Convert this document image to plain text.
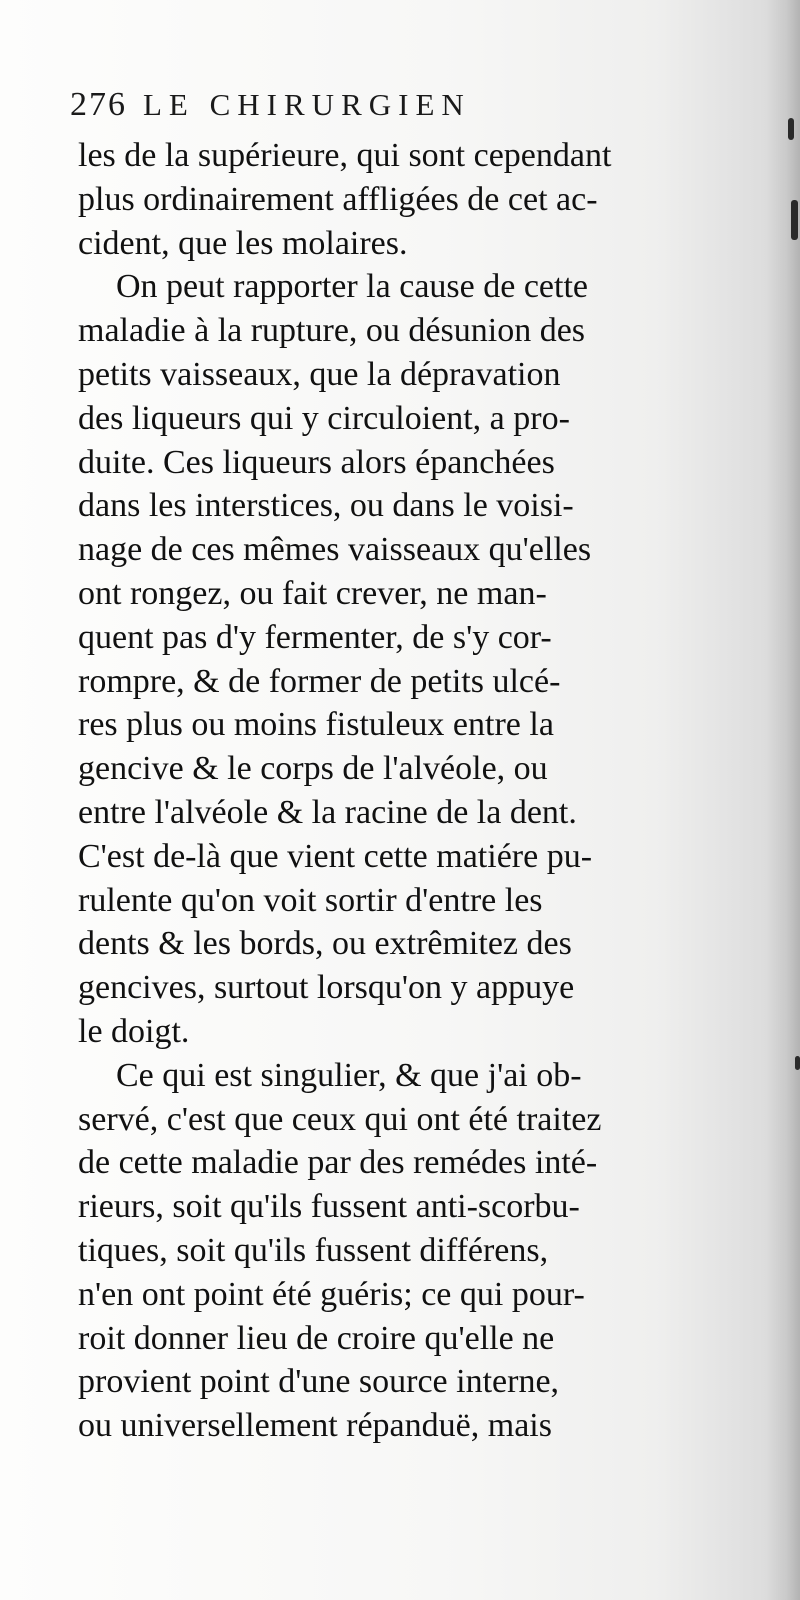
276 LE CHIRURGIEN
les de la supérieure, qui sont cependant
plus ordinairement affligées de cet ac-
cident, que les molaires.
On peut rapporter la cause de cette
maladie à la rupture, ou désunion des
petits vaisseaux, que la dépravation
des liqueurs qui y circuloient, a pro-
duite. Ces liqueurs alors épanchées
dans les interstices, ou dans le voisi-
nage de ces mêmes vaisseaux qu'elles
ont rongez, ou fait crever, ne man-
quent pas d'y fermenter, de s'y cor-
rompre, & de former de petits ulcé-
res plus ou moins fistuleux entre la
gencive & le corps de l'alvéole, ou
entre l'alvéole & la racine de la dent.
C'est de-là que vient cette matiére pu-
rulente qu'on voit sortir d'entre les
dents & les bords, ou extrêmitez des
gencives, surtout lorsqu'on y appuye
le doigt.
Ce qui est singulier, & que j'ai ob-
servé, c'est que ceux qui ont été traitez
de cette maladie par des remédes inté-
rieurs, soit qu'ils fussent anti-scorbu-
tiques, soit qu'ils fussent différens,
n'en ont point été guéris; ce qui pour-
roit donner lieu de croire qu'elle ne
provient point d'une source interne,
ou universellement répanduë, mais
